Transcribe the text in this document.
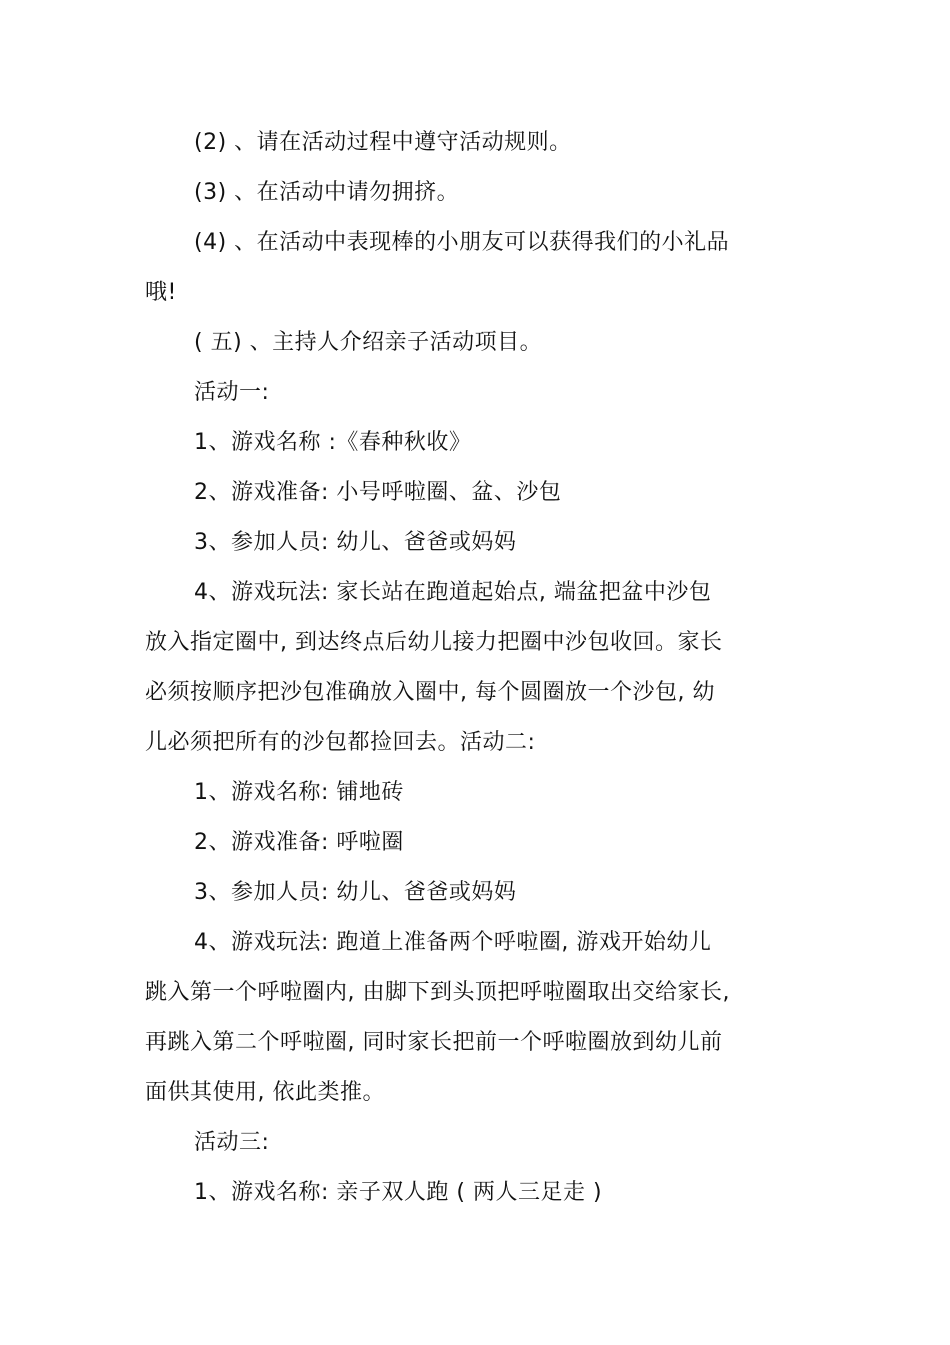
(2) 、请在活动过程中遵守活动规则。
(3) 、在活动中请勿拥挤。
(4) 、在活动中表现棒的小朋友可以获得我们的小礼品
哦!
( 五) 、主持人介绍亲子活动项目。
活动一:
1、游戏名称 :《春种秋收》
2、游戏准备: 小号呼啦圈、盆、沙包
3、参加人员: 幼儿、爸爸或妈妈
4、游戏玩法: 家长站在跑道起始点, 端盆把盆中沙包
放入指定圈中, 到达终点后幼儿接力把圈中沙包收回。家长
必须按顺序把沙包准确放入圈中, 每个圆圈放一个沙包, 幼
儿必须把所有的沙包都捡回去。活动二:
1、游戏名称: 铺地砖
2、游戏准备: 呼啦圈
3、参加人员: 幼儿、爸爸或妈妈
4、游戏玩法: 跑道上准备两个呼啦圈, 游戏开始幼儿
跳入第一个呼啦圈内, 由脚下到头顶把呼啦圈取出交给家长,
再跳入第二个呼啦圈, 同时家长把前一个呼啦圈放到幼儿前
面供其使用, 依此类推。
活动三:
1、游戏名称: 亲子双人跑 ( 两人三足走 )
